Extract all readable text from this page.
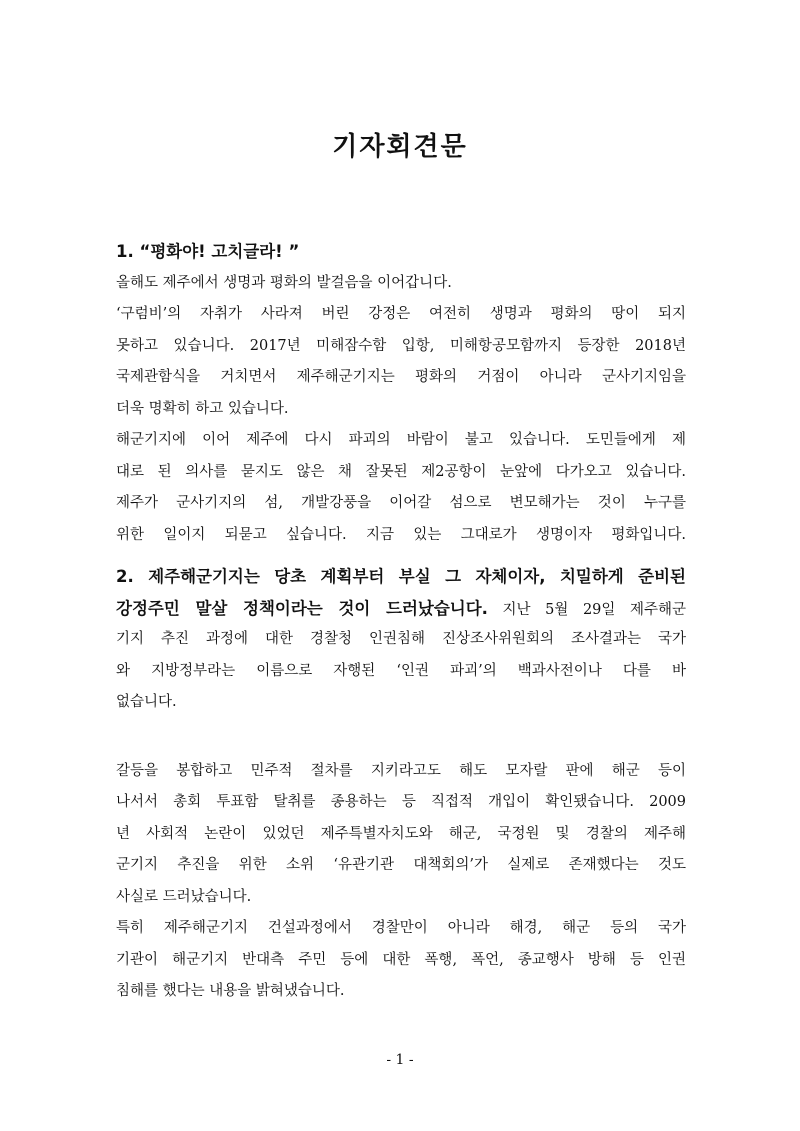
기자회견문
1. “평화야! 고치글라! ”
올해도 제주에서 생명과 평화의 발걸음을 이어갑니다.
‘구럼비’의 자취가 사라져 버린 강정은 여전히 생명과 평화의 땅이 되지
못하고 있습니다. 2017년 미해잠수함 입항, 미해항공모함까지 등장한 2018년
국제관함식을 거치면서 제주해군기지는 평화의 거점이 아니라 군사기지임을
더욱 명확히 하고 있습니다.
해군기지에 이어 제주에 다시 파괴의 바람이 불고 있습니다. 도민들에게 제
대로 된 의사를 묻지도 않은 채 잘못된 제2공항이 눈앞에 다가오고 있습니다.
제주가 군사기지의 섬, 개발강풍을 이어갈 섬으로 변모해가는 것이 누구를
위한 일이지 되묻고 싶습니다. 지금 있는 그대로가 생명이자 평화입니다.
2. 제주해군기지는 당초 계획부터 부실 그 자체이자, 치밀하게 준비된
강정주민 말살 정책이라는 것이 드러났습니다. 지난 5월 29일 제주해군
기지 추진 과정에 대한 경찰청 인권침해 진상조사위원회의 조사결과는 국가
와 지방정부라는 이름으로 자행된 ‘인권 파괴’의 백과사전이나 다를 바
없습니다.
갈등을 봉합하고 민주적 절차를 지키라고도 해도 모자랄 판에 해군 등이
나서서 총회 투표함 탈취를 종용하는 등 직접적 개입이 확인됐습니다. 2009
년 사회적 논란이 있었던 제주특별자치도와 해군, 국정원 및 경찰의 제주해
군기지 추진을 위한 소위 ‘유관기관 대책회의’가 실제로 존재했다는 것도
사실로 드러났습니다.
특히 제주해군기지 건설과정에서 경찰만이 아니라 해경, 해군 등의 국가
기관이 해군기지 반대측 주민 등에 대한 폭행, 폭언, 종교행사 방해 등 인권
침해를 했다는 내용을 밝혀냈습니다.
- 1 -
